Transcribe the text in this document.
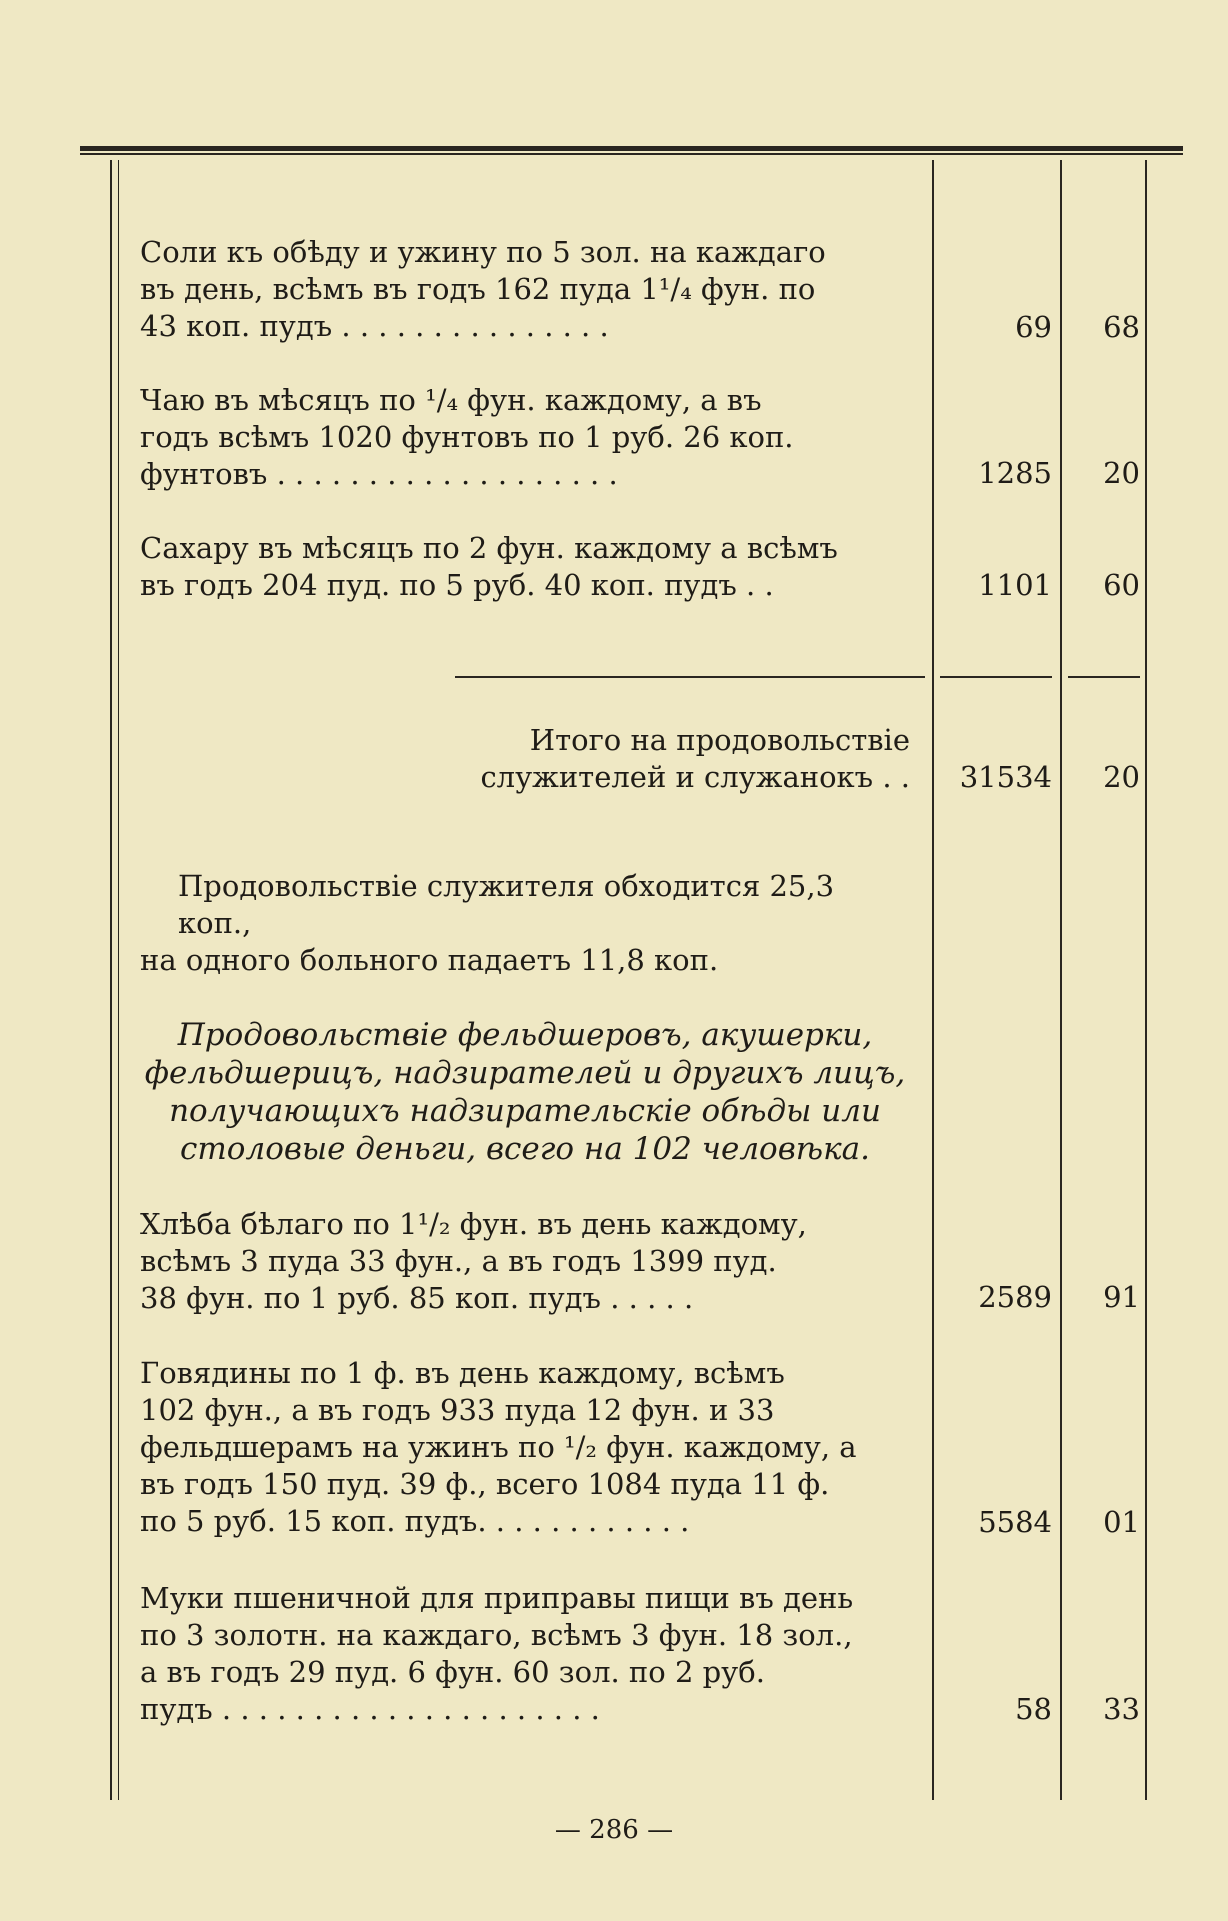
Соли къ обѣду и ужину по 5 зол. на каждаго
въ день, всѣмъ въ годъ 162 пуда 1¹/₄ фун. по
43 коп. пудъ . . . . . . . . . . . . . . .	69	68
Чаю въ мѣсяцъ по ¹/₄ фун. каждому, а въ
годъ всѣмъ 1020 фунтовъ по 1 руб. 26 коп.
фунтовъ . . . . . . . . . . . . . . . . . . .	1285	20
Сахару въ мѣсяцъ по 2 фун. каждому а всѣмъ
въ годъ 204 пуд. по 5 руб. 40 коп. пудъ . .	1101	60
Итого на продовольствіе
служителей и служанокъ . .	31534	20
Продовольствіе служителя обходится 25,3 коп.,
на одного больного падаетъ 11,8 коп.
Продовольствіе фельдшеровъ, акушерки,
фельдшерицъ, надзирателей и другихъ лицъ,
получающихъ надзирательскіе обѣды или
столовые деньги, всего на 102 человѣка.
Хлѣба бѣлаго по 1¹/₂ фун. въ день каждому,
всѣмъ 3 пуда 33 фун., а въ годъ 1399 пуд.
38 фун. по 1 руб. 85 коп. пудъ . . . . .	2589	91
Говядины по 1 ф. въ день каждому, всѣмъ
102 фун., а въ годъ 933 пуда 12 фун. и 33
фельдшерамъ на ужинъ по ¹/₂ фун. каждому, а
въ годъ 150 пуд. 39 ф., всего 1084 пуда 11 ф.
по 5 руб. 15 коп. пудъ. . . . . . . . . . . .	5584	01
Муки пшеничной для приправы пищи въ день
по 3 золотн. на каждаго, всѣмъ 3 фун. 18 зол.,
а въ годъ 29 пуд. 6 фун. 60 зол. по 2 руб.
пудъ . . . . . . . . . . . . . . . . . . . . .	58	33
— 286 —
